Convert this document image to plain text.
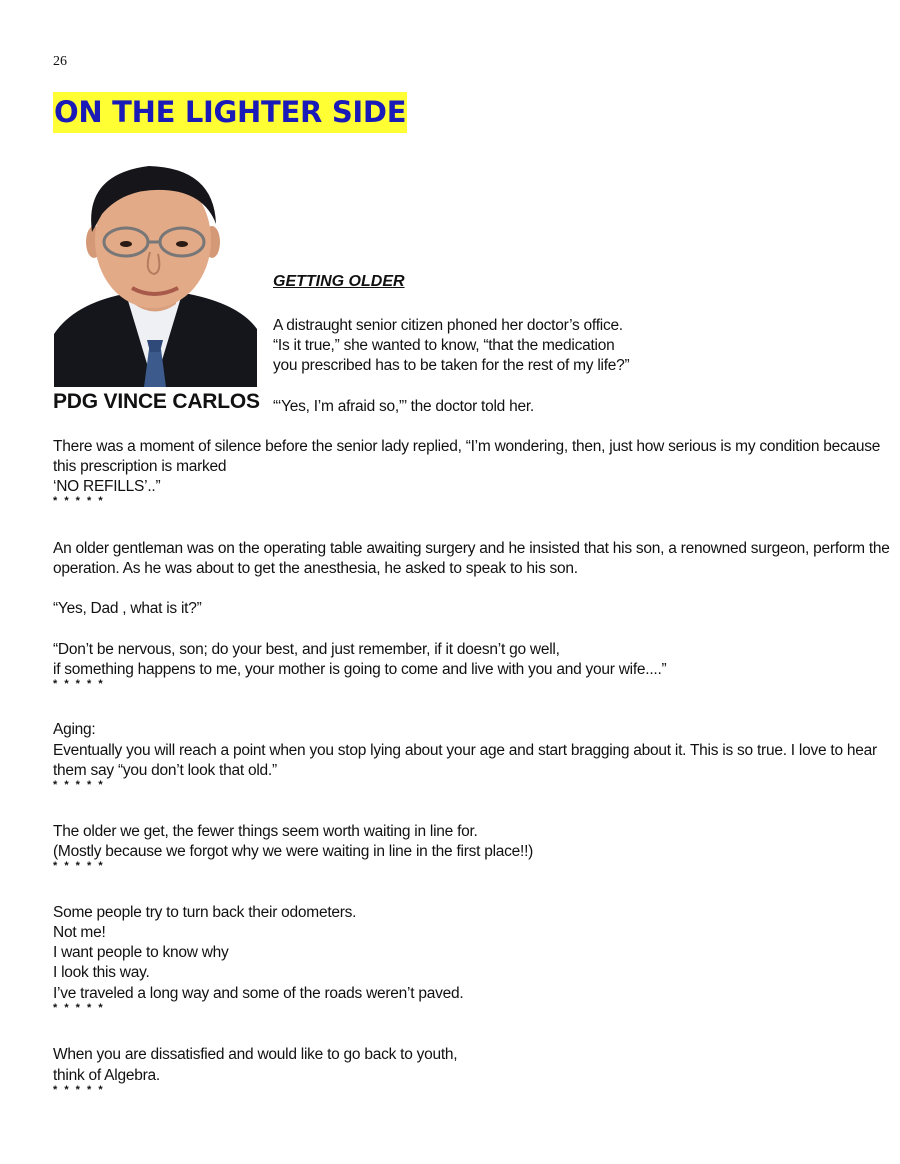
26
ON THE LIGHTER SIDE
PDG VINCE CARLOS
GETTING OLDER
A distraught senior citizen phoned her doctor’s office.
“Is it true,” she wanted to know, “that the medication
you prescribed has to be taken for the rest of my life?”
“‘Yes, I’m afraid so,”’ the doctor told her.
There was a moment of silence before the senior lady replied, “I’m wondering, then, just how serious is my condition because
this prescription is marked
‘NO REFILLS’..”
* * * * *
An older gentleman was on the operating table awaiting surgery and he insisted that his son, a renowned surgeon, perform the
operation. As he was about to get the anesthesia, he asked to speak to his son.
“Yes, Dad , what is it?”
“Don’t be nervous, son; do your best, and just remember, if it doesn’t go well,
if something happens to me, your mother is going to come and live with you and your wife....”
* * * * *
Aging:
Eventually you will reach a point when you stop lying about your age and start bragging about it. This is so true. I love to hear
them say “you don’t look that old.”
* * * * *
The older we get, the fewer things seem worth waiting in line for.
(Mostly because we forgot why we were waiting in line in the first place!!)
* * * * *
Some people try to turn back their odometers.
Not me!
I want people to know why
I look this way.
I’ve traveled a long way and some of the roads weren’t paved.
* * * * *
When you are dissatisfied and would like to go back to youth,
think of Algebra.
* * * * *
